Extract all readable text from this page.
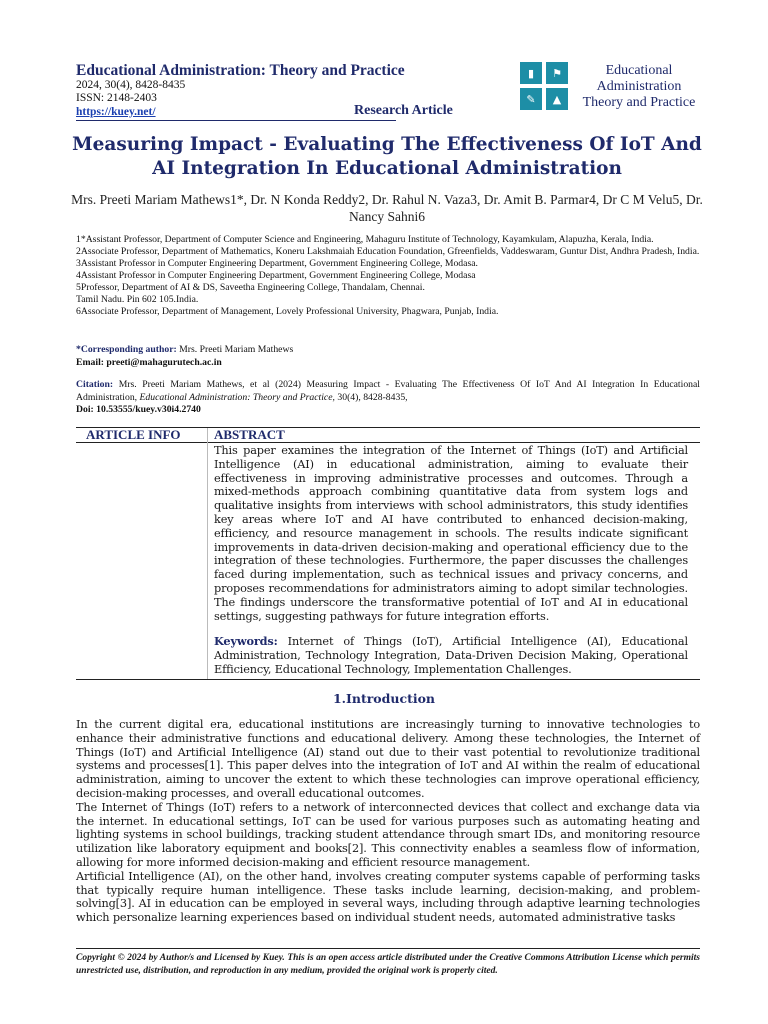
Educational Administration: Theory and Practice
2024, 30(4), 8428-8435
ISSN: 2148-2403
https://kuey.net/	Research Article
▮	⚑
✎	▲
Educational
Administration
Theory and Practice
Measuring Impact - Evaluating The Effectiveness Of IoT And AI Integration In Educational Administration
Mrs. Preeti Mariam Mathews1*, Dr. N Konda Reddy2, Dr. Rahul N. Vaza3, Dr. Amit B. Parmar4, Dr C M Velu5, Dr. Nancy Sahni6
1*Assistant Professor, Department of Computer Science and Engineering, Mahaguru Institute of Technology, Kayamkulam, Alapuzha, Kerala, India.
2Associate Professor, Department of Mathematics, Koneru Lakshmaiah Education Foundation, Gfreenfields, Vaddeswaram, Guntur Dist, Andhra Pradesh, India.
3Assistant Professor in Computer Engineering Department, Government Engineering College, Modasa.
4Assistant Professor in Computer Engineering Department, Government Engineering College, Modasa
5Professor, Department of AI & DS, Saveetha Engineering College, Thandalam, Chennai.
Tamil Nadu. Pin 602 105.India.
6Associate Professor, Department of Management, Lovely Professional University, Phagwara, Punjab, India.
*Corresponding author: Mrs. Preeti Mariam Mathews
Email: preeti@mahagurutech.ac.in
Citation: Mrs. Preeti Mariam Mathews, et al (2024) Measuring Impact - Evaluating The Effectiveness Of IoT And AI Integration In Educational Administration, Educational Administration: Theory and Practice, 30(4), 8428-8435,
Doi: 10.53555/kuey.v30i4.2740
ARTICLE INFO	ABSTRACT
This paper examines the integration of the Internet of Things (IoT) and Artificial Intelligence (AI) in educational administration, aiming to evaluate their effectiveness in improving administrative processes and outcomes. Through a mixed-methods approach combining quantitative data from system logs and qualitative insights from interviews with school administrators, this study identifies key areas where IoT and AI have contributed to enhanced decision-making, efficiency, and resource management in schools. The results indicate significant improvements in data-driven decision-making and operational efficiency due to the integration of these technologies. Furthermore, the paper discusses the challenges faced during implementation, such as technical issues and privacy concerns, and proposes recommendations for administrators aiming to adopt similar technologies. The findings underscore the transformative potential of IoT and AI in educational settings, suggesting pathways for future integration efforts.
Keywords: Internet of Things (IoT), Artificial Intelligence (AI), Educational Administration, Technology Integration, Data-Driven Decision Making, Operational Efficiency, Educational Technology, Implementation Challenges.
1.Introduction

In the current digital era, educational institutions are increasingly turning to innovative technologies to enhance their administrative functions and educational delivery. Among these technologies, the Internet of Things (IoT) and Artificial Intelligence (AI) stand out due to their vast potential to revolutionize traditional systems and processes[1]. This paper delves into the integration of IoT and AI within the realm of educational administration, aiming to uncover the extent to which these technologies can improve operational efficiency, decision-making processes, and overall educational outcomes.

The Internet of Things (IoT) refers to a network of interconnected devices that collect and exchange data via the internet. In educational settings, IoT can be used for various purposes such as automating heating and lighting systems in school buildings, tracking student attendance through smart IDs, and monitoring resource utilization like laboratory equipment and books[2]. This connectivity enables a seamless flow of information, allowing for more informed decision-making and efficient resource management.

Artificial Intelligence (AI), on the other hand, involves creating computer systems capable of performing tasks that typically require human intelligence. These tasks include learning, decision-making, and problem-solving[3]. AI in education can be employed in several ways, including through adaptive learning technologies which personalize learning experiences based on individual student needs, automated administrative tasks

Copyright © 2024 by Author/s and Licensed by Kuey. This is an open access article distributed under the Creative Commons Attribution License which permits unrestricted use, distribution, and reproduction in any medium, provided the original work is properly cited.
